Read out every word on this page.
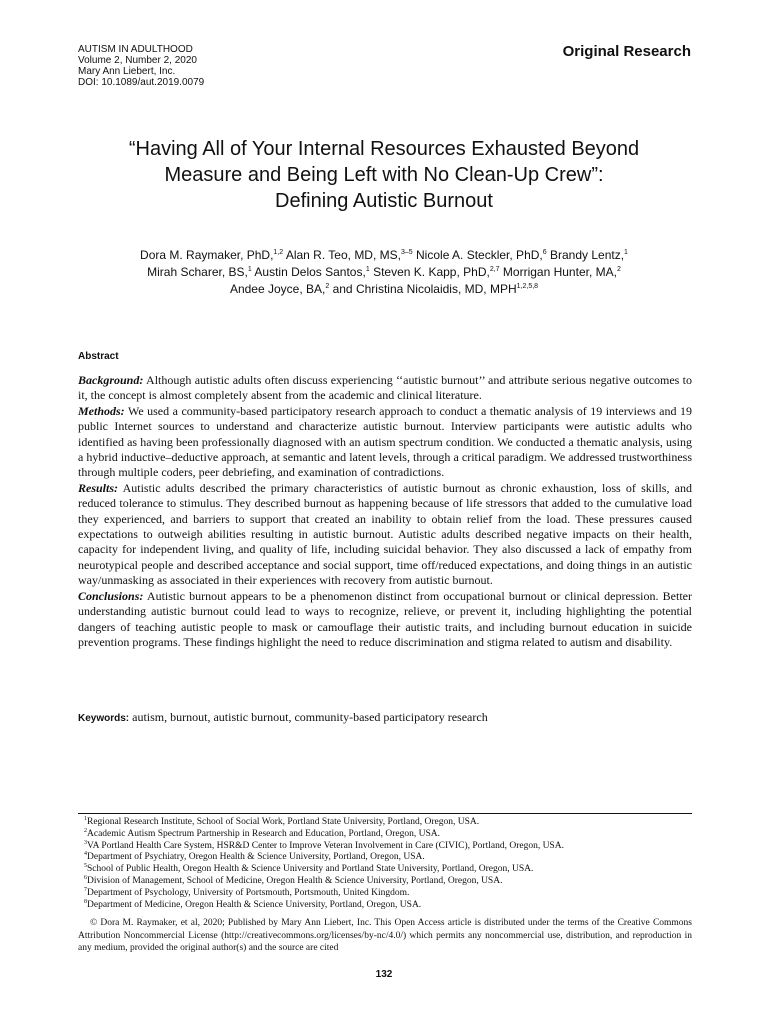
AUTISM IN ADULTHOOD
Volume 2, Number 2, 2020
Mary Ann Liebert, Inc.
DOI: 10.1089/aut.2019.0079
Original Research
“Having All of Your Internal Resources Exhausted Beyond
Measure and Being Left with No Clean-Up Crew”:
Defining Autistic Burnout
Dora M. Raymaker, PhD,$^{1,2}$ Alan R. Teo, MD, MS,$^{3-5}$ Nicole A. Steckler, PhD,$^6$ Brandy Lentz,$^1$
Mirah Scharer, BS,$^1$ Austin Delos Santos,$^1$ Steven K. Kapp, PhD,$^{2,7}$ Morrigan Hunter, MA,$^2$
Andee Joyce, BA,$^2$ and Christina Nicolaidis, MD, MPH$^{1,2,5,8}$
Abstract

Background: Although autistic adults often discuss experiencing ‘‘autistic burnout’’ and attribute serious negative outcomes to it, the concept is almost completely absent from the academic and clinical literature.

Methods: We used a community-based participatory research approach to conduct a thematic analysis of 19 interviews and 19 public Internet sources to understand and characterize autistic burnout. Interview participants were autistic adults who identified as having been professionally diagnosed with an autism spectrum condition. We conducted a thematic analysis, using a hybrid inductive–deductive approach, at semantic and latent levels, through a critical paradigm. We addressed trustworthiness through multiple coders, peer debriefing, and examination of contradictions.

Results: Autistic adults described the primary characteristics of autistic burnout as chronic exhaustion, loss of skills, and reduced tolerance to stimulus. They described burnout as happening because of life stressors that added to the cumulative load they experienced, and barriers to support that created an inability to obtain relief from the load. These pressures caused expectations to outweigh abilities resulting in autistic burnout. Autistic adults described negative impacts on their health, capacity for independent living, and quality of life, including suicidal behavior. They also discussed a lack of empathy from neurotypical people and described acceptance and social support, time off/reduced expectations, and doing things in an autistic way/unmasking as associated in their experiences with recovery from autistic burnout.

Conclusions: Autistic burnout appears to be a phenomenon distinct from occupational burnout or clinical depression. Better understanding autistic burnout could lead to ways to recognize, relieve, or prevent it, including highlighting the potential dangers of teaching autistic people to mask or camouflage their autistic traits, and including burnout education in suicide prevention programs. These findings highlight the need to reduce discrimination and stigma related to autism and disability.

Keywords: autism, burnout, autistic burnout, community-based participatory research
$^1$Regional Research Institute, School of Social Work, Portland State University, Portland, Oregon, USA.
$^2$Academic Autism Spectrum Partnership in Research and Education, Portland, Oregon, USA.
$^3$VA Portland Health Care System, HSR&D Center to Improve Veteran Involvement in Care (CIVIC), Portland, Oregon, USA.
$^4$Department of Psychiatry, Oregon Health & Science University, Portland, Oregon, USA.
$^5$School of Public Health, Oregon Health & Science University and Portland State University, Portland, Oregon, USA.
$^6$Division of Management, School of Medicine, Oregon Health & Science University, Portland, Oregon, USA.
$^7$Department of Psychology, University of Portsmouth, Portsmouth, United Kingdom.
$^8$Department of Medicine, Oregon Health & Science University, Portland, Oregon, USA.
© Dora M. Raymaker, et al, 2020; Published by Mary Ann Liebert, Inc. This Open Access article is distributed under the terms of the Creative Commons Attribution Noncommercial License (http://creativecommons.org/licenses/by-nc/4.0/) which permits any noncommercial use, distribution, and reproduction in any medium, provided the original author(s) and the source are cited
132
